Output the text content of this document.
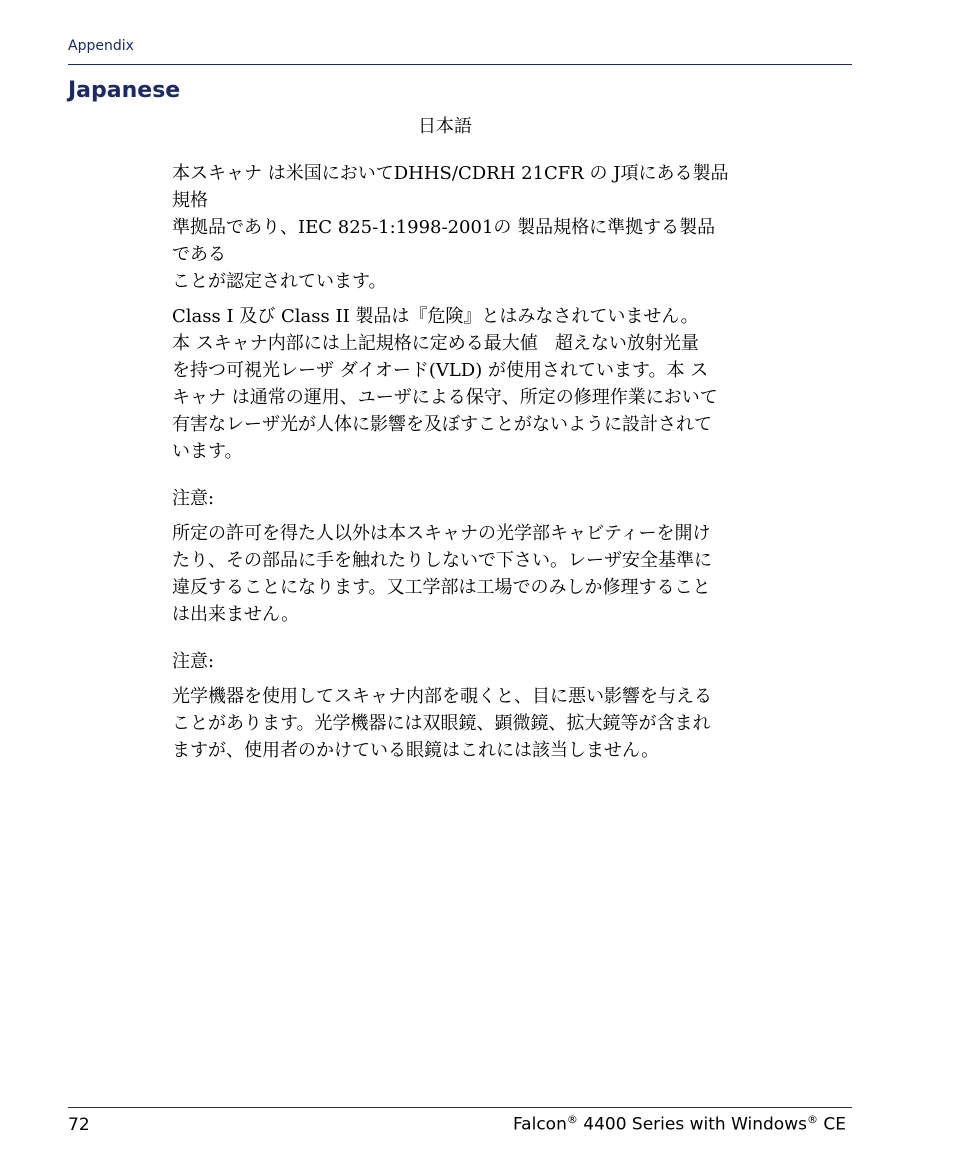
Appendix
Japanese
日本語

本スキャナ は米国においてDHHS/CDRH 21CFR の J項にある製品規格
準拠品であり、IEC 825-1:1998-2001の 製品規格に準拠する製品である
ことが認定されています。

Class I 及び Class II 製品は『危険』とはみなされていません。
本 スキャナ内部には上記規格に定める最大値   超えない放射光量
を持つ可視光レーザ ダイオード(VLD) が使用されています。本 ス
キャナ は通常の運用、ユーザによる保守、所定の修理作業において
有害なレーザ光が人体に影響を及ぼすことがないように設計されて
います。

注意:

所定の許可を得た人以外は本スキャナの光学部キャビティーを開け
たり、その部品に手を触れたりしないで下さい。レーザ安全基準に
違反することになります。又工学部は工場でのみしか修理すること
は出来ません。

注意:

光学機器を使用してスキャナ内部を覗くと、目に悪い影響を与える
ことがあります。光学機器には双眼鏡、顕微鏡、拡大鏡等が含まれ
ますが、使用者のかけている眼鏡はこれには該当しません。

72	Falcon® 4400 Series with Windows® CE
